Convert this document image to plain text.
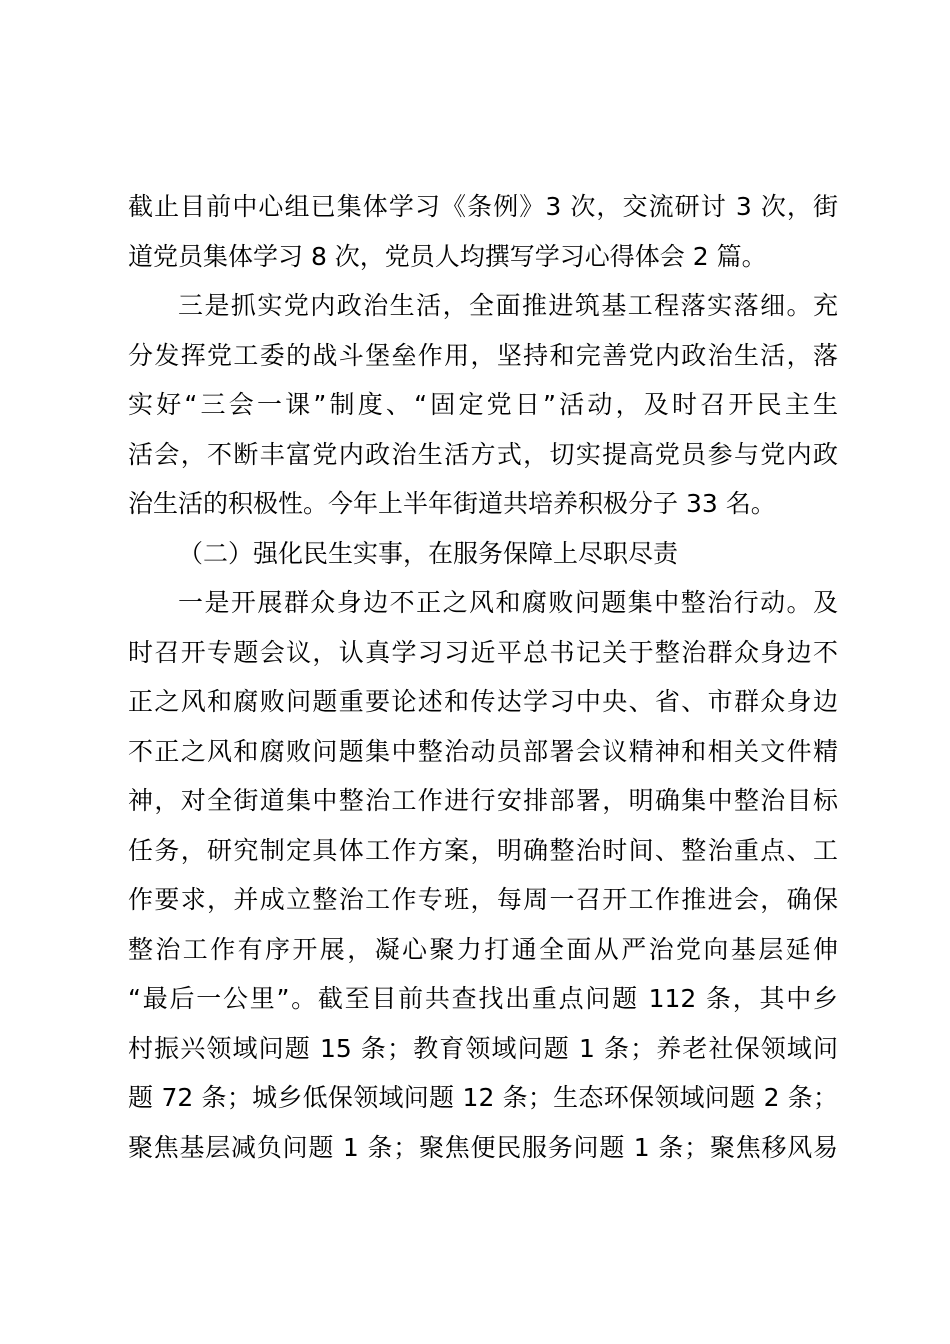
截止目前中心组已集体学习《条例》3 次，交流研讨 3 次，街
道党员集体学习 8 次，党员人均撰写学习心得体会 2 篇。
三是抓实党内政治生活，全面推进筑基工程落实落细。充
分发挥党工委的战斗堡垒作用，坚持和完善党内政治生活，落
实好“三会一课”制度、“固定党日”活动，及时召开民主生
活会，不断丰富党内政治生活方式，切实提高党员参与党内政
治生活的积极性。今年上半年街道共培养积极分子 33 名。
（二）强化民生实事，在服务保障上尽职尽责
一是开展群众身边不正之风和腐败问题集中整治行动。及
时召开专题会议，认真学习习近平总书记关于整治群众身边不
正之风和腐败问题重要论述和传达学习中央、省、市群众身边
不正之风和腐败问题集中整治动员部署会议精神和相关文件精
神，对全街道集中整治工作进行安排部署，明确集中整治目标
任务，研究制定具体工作方案，明确整治时间、整治重点、工
作要求，并成立整治工作专班，每周一召开工作推进会，确保
整治工作有序开展，凝心聚力打通全面从严治党向基层延伸
“最后一公里”。截至目前共查找出重点问题 112 条，其中乡
村振兴领域问题 15 条；教育领域问题 1 条；养老社保领域问
题 72 条；城乡低保领域问题 12 条；生态环保领域问题 2 条；
聚焦基层减负问题 1 条；聚焦便民服务问题 1 条；聚焦移风易
